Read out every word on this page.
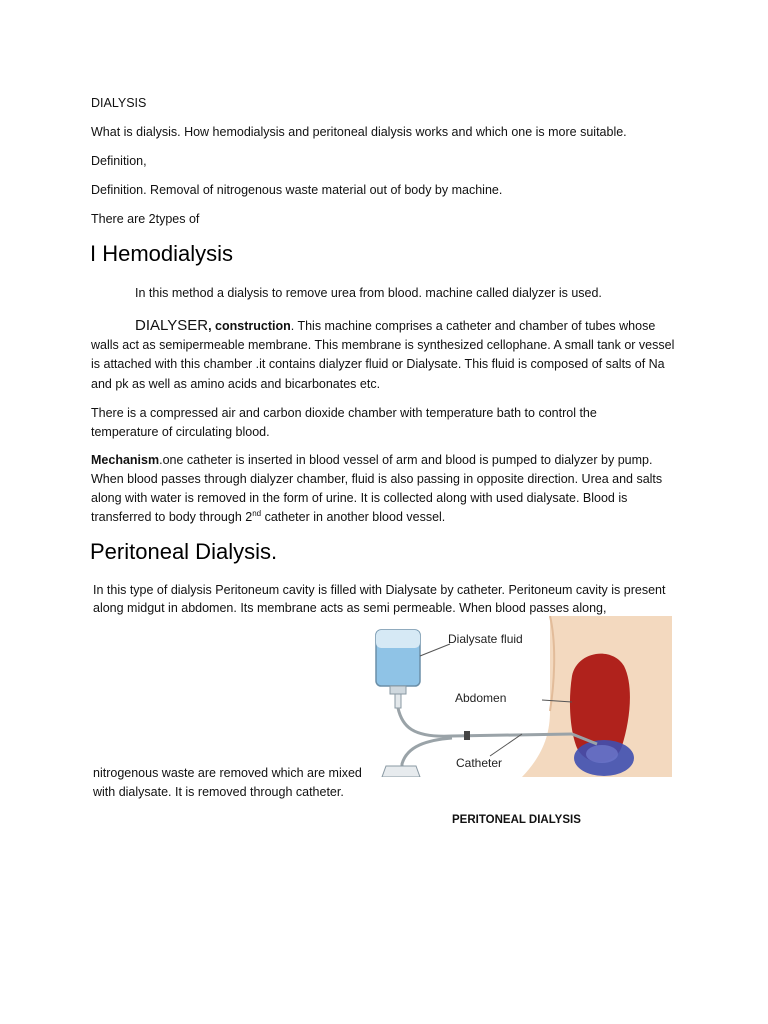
DIALYSIS

What is dialysis. How hemodialysis and peritoneal dialysis works and which one is more suitable.

Definition,

Definition. Removal of nitrogenous waste material out of body by machine.

There are 2types of

I Hemodialysis

In this method a dialysis to remove urea from blood. machine called dialyzer is used.

DIALYSER, construction. This machine comprises a catheter and chamber of tubes whose

walls act as semipermeable membrane. This membrane is synthesized cellophane. A small tank or vessel

is attached with this chamber .it contains dialyzer fluid or Dialysate. This fluid is composed of salts of Na

and pk as well as amino acids and bicarbonates etc.

There is a compressed air and carbon dioxide chamber with temperature bath to control the

temperature of circulating blood.

Mechanism.one catheter is inserted in blood vessel of arm and blood is pumped to dialyzer by pump.

When blood passes through dialyzer chamber, fluid is also passing in opposite direction. Urea and salts

along with water is removed in the form of urine. It is collected along with used dialysate. Blood is

transferred to body through 2nd catheter in another blood vessel.

Peritoneal Dialysis.

In this type of dialysis Peritoneum cavity is filled with Dialysate by catheter. Peritoneum cavity is present

along midgut in abdomen. Its membrane acts as semi permeable. When blood passes along,

Dialysate fluid
Abdomen
Catheter

nitrogenous waste are removed which are mixed

with dialysate. It is removed through catheter.

PERITONEAL DIALYSIS
